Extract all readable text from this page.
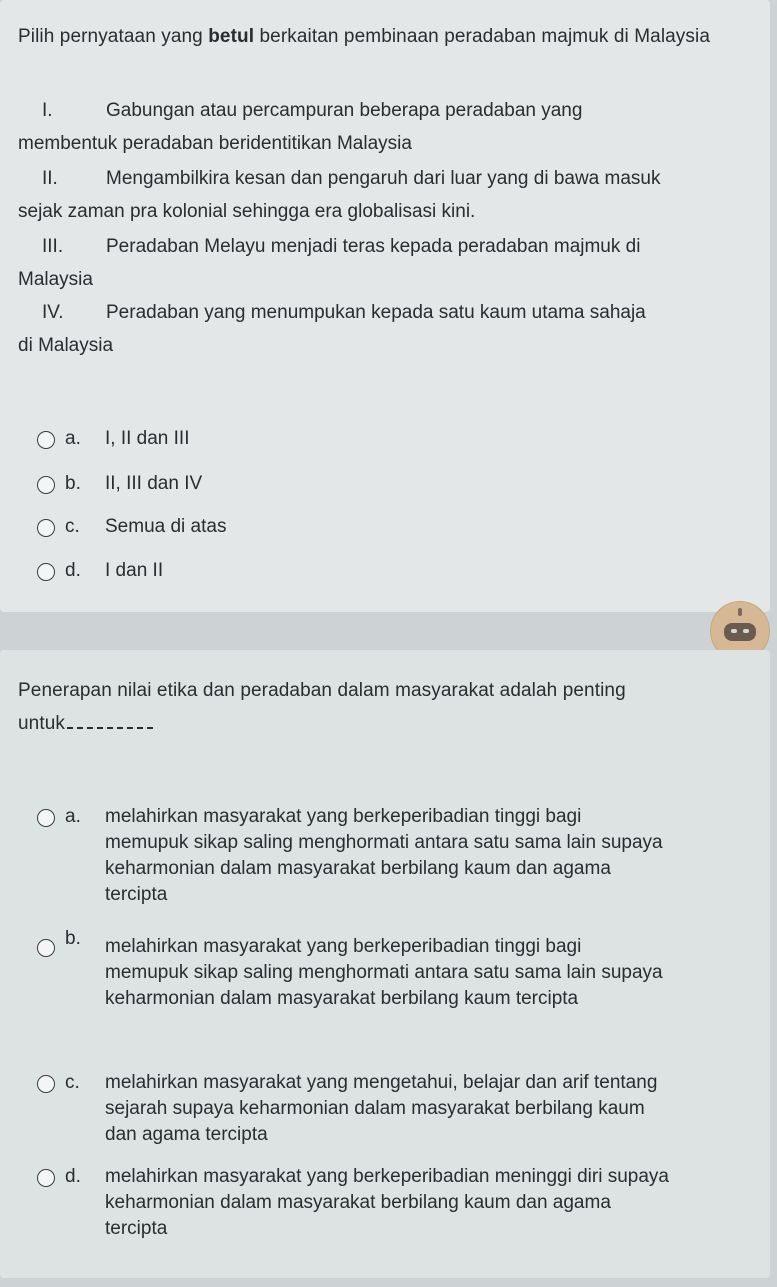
Pilih pernyataan yang betul berkaitan pembinaan peradaban majmuk di Malaysia
I.	Gabungan atau percampuran beberapa peradaban yang
membentuk peradaban beridentitikan Malaysia
II.	Mengambilkira kesan dan pengaruh dari luar yang di bawa masuk
sejak zaman pra kolonial sehingga era globalisasi kini.
III. Peradaban Melayu menjadi teras kepada peradaban majmuk di
Malaysia
IV. Peradaban yang menumpukan kepada satu kaum utama sahaja
di Malaysia
a.	I, II dan III
b.	II, III dan IV
c.	Semua di atas
d.	I dan II
Penerapan nilai etika dan peradaban dalam masyarakat adalah penting
untuk
a.	melahirkan masyarakat yang berkeperibadian tinggi bagi
memupuk sikap saling menghormati antara satu sama lain supaya
keharmonian dalam masyarakat berbilang kaum dan agama
tercipta
b.	melahirkan masyarakat yang berkeperibadian tinggi bagi
memupuk sikap saling menghormati antara satu sama lain supaya
keharmonian dalam masyarakat berbilang kaum tercipta
c.	melahirkan masyarakat yang mengetahui, belajar dan arif tentang
sejarah supaya keharmonian dalam masyarakat berbilang kaum
dan agama tercipta
d.	melahirkan masyarakat yang berkeperibadian meninggi diri supaya
keharmonian dalam masyarakat berbilang kaum dan agama
tercipta
